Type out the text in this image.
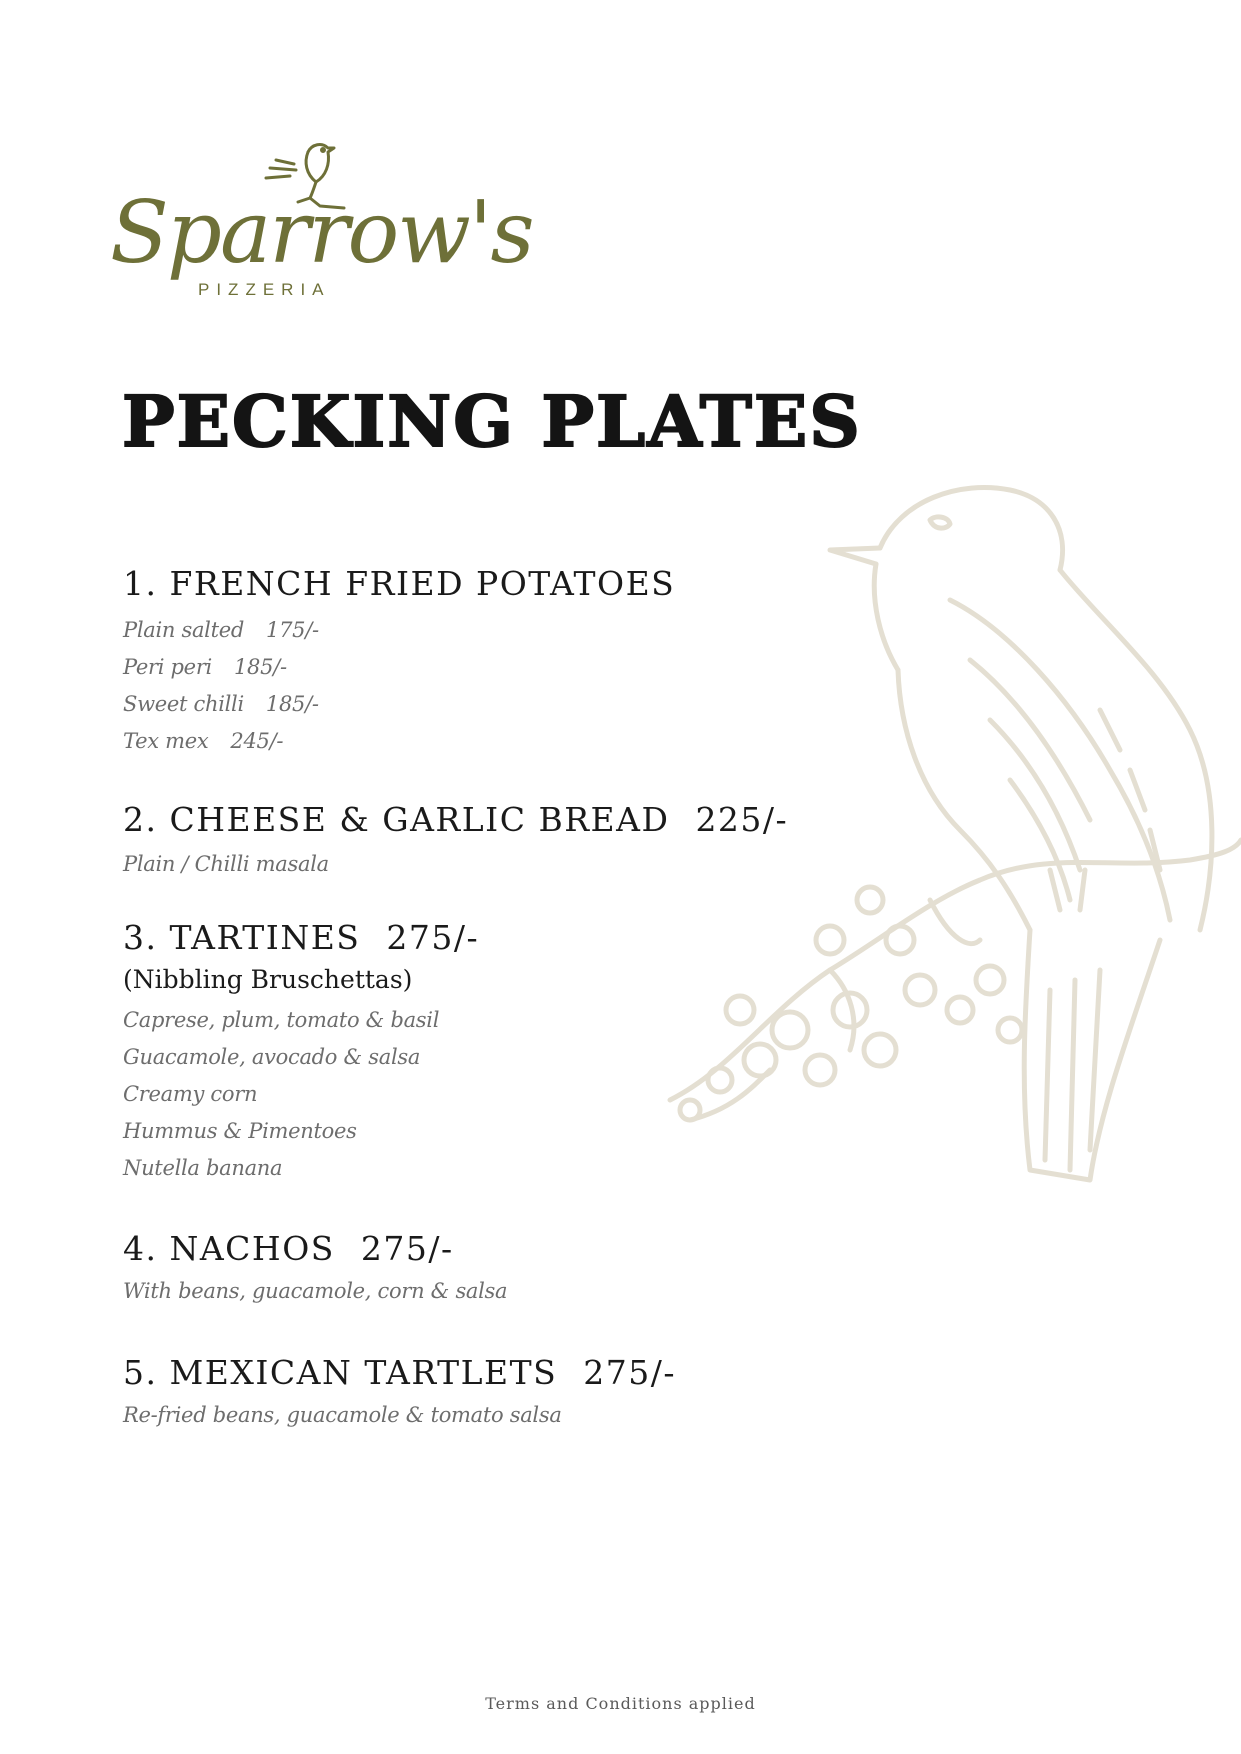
Sparrow's
PIZZERIA
PECKING PLATES
1. FRENCH FRIED POTATOES
Plain salted 175/-
Peri peri 185/-
Sweet chilli 185/-
Tex mex 245/-
2. CHEESE & GARLIC BREAD 225/-
Plain / Chilli masala
3. TARTINES 275/-
(Nibbling Bruschettas)
Caprese, plum, tomato & basil
Guacamole, avocado & salsa
Creamy corn
Hummus & Pimentoes
Nutella banana
4. NACHOS 275/-
With beans, guacamole, corn & salsa
5. MEXICAN TARTLETS 275/-
Re-fried beans, guacamole & tomato salsa
Terms and Conditions applied
